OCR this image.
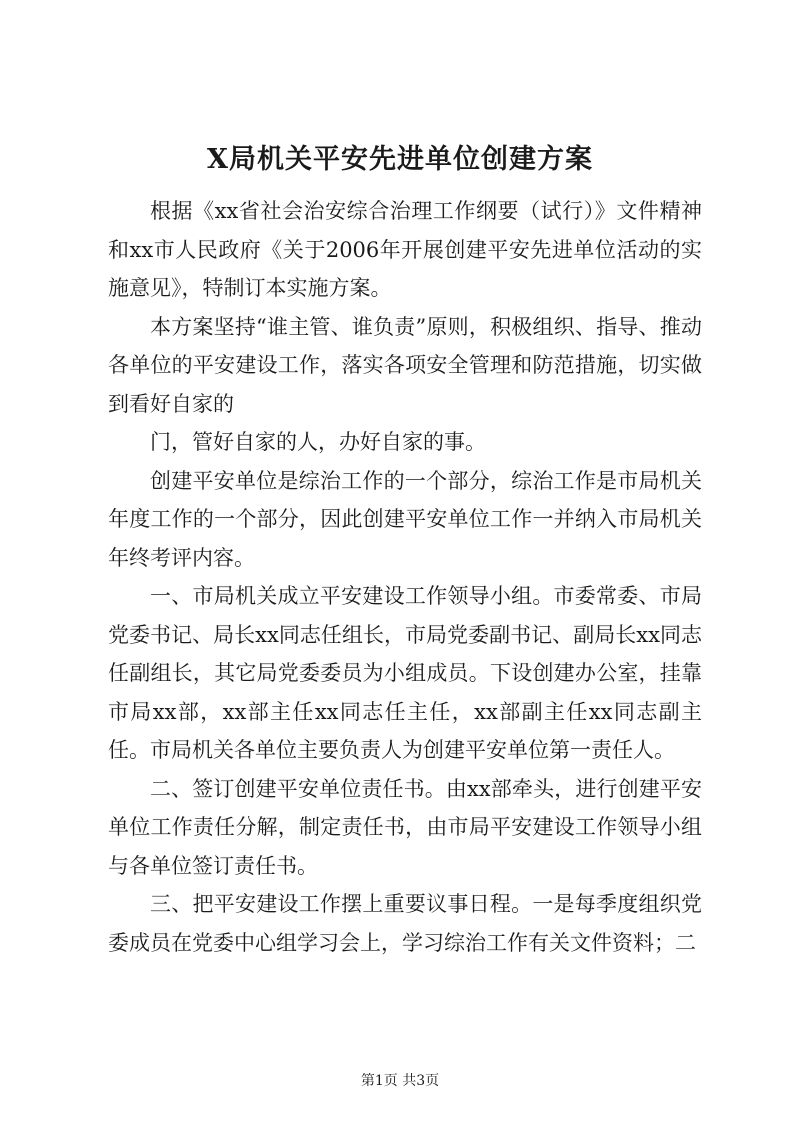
X局机关平安先进单位创建方案

根据《xx省社会治安综合治理工作纲要（试行）》文件精神和xx市人民政府《关于2006年开展创建平安先进单位活动的实施意见》，特制订本实施方案。

本方案坚持“谁主管、谁负责”原则，积极组织、指导、推动各单位的平安建设工作，落实各项安全管理和防范措施，切实做到看好自家的

门，管好自家的人，办好自家的事。

创建平安单位是综治工作的一个部分，综治工作是市局机关年度工作的一个部分，因此创建平安单位工作一并纳入市局机关年终考评内容。

一、市局机关成立平安建设工作领导小组。市委常委、市局党委书记、局长xx同志任组长，市局党委副书记、副局长xx同志任副组长，其它局党委委员为小组成员。下设创建办公室，挂靠市局xx部，xx部主任xx同志任主任，xx部副主任xx同志副主任。市局机关各单位主要负责人为创建平安单位第一责任人。

二、签订创建平安单位责任书。由xx部牵头，进行创建平安单位工作责任分解，制定责任书，由市局平安建设工作领导小组与各单位签订责任书。

三、把平安建设工作摆上重要议事日程。一是每季度组织党委成员在党委中心组学习会上，学习综治工作有关文件资料；二

第1页 共3页
